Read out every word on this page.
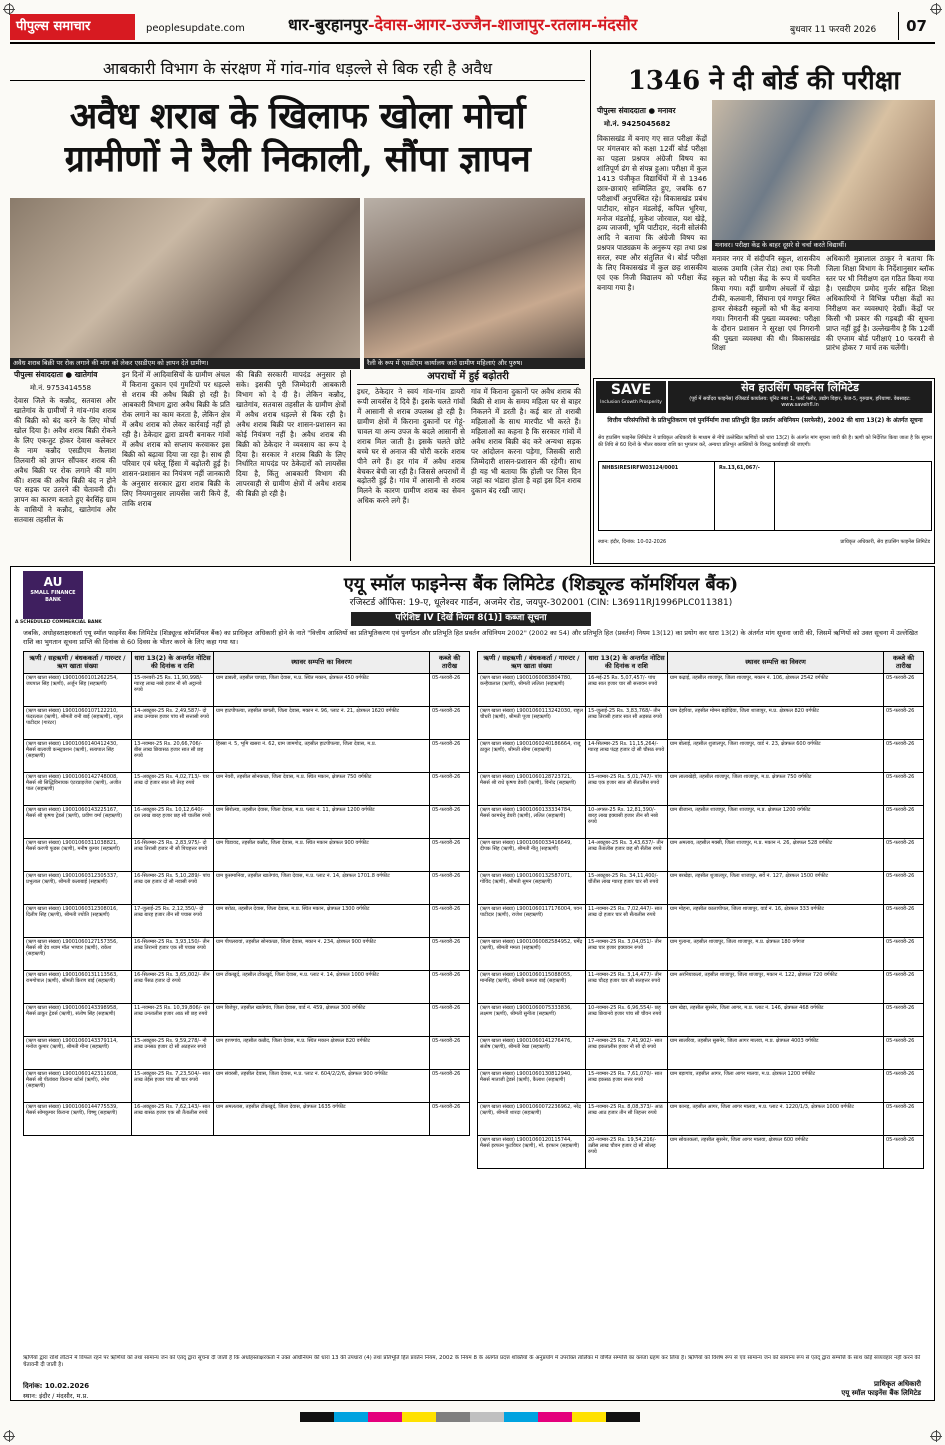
पीपुल्स समाचार	peoplesupdate.com	धार-बुरहानपुर-देवास-आगर-उज्जैन-शाजापुर-रतलाम-मंदसौर	बुधवार 11 फरवरी 2026	07
आबकारी विभाग के संरक्षण में गांव-गांव धड़ल्ले से बिक रही है अवैध
अवैध शराब के खिलाफ खोला मोर्चा
ग्रामीणों ने रैली निकाली, सौंपा ज्ञापन
अवैध शराब बिक्री पर रोक लगाने की मांग को लेकर एसडीएम को ज्ञापन देते ग्रामीण।	रैली के रूप में एसडीएम कार्यालय जाते ग्रामीण महिलाएं और पुरुष।
पीपुल्स संवाददाता ● खातेगांव
मो.नं. 9753414558
देवास जिले के कन्नौद, सतवास और खातेगांव के ग्रामीणों ने गांव-गांव शराब की बिक्री को बंद करने के लिए मोर्चा खोल दिया है। अवैध शराब बिक्री रोकने के लिए एकजुट होकर देवास कलेक्टर के नाम कन्नौद एसडीएम कैलाश तिलवारी को ज्ञापन सौंपकर शराब की अवैध बिक्री पर रोक लगाने की मांग की। शराब की अवैध बिक्री बंद न होने पर सड़क पर उतरने की चेतावनी दी। ज्ञापन का कारण बताते हुए बेरसिंह ग्राम के वासियों ने कन्नौद, खातेगांव और सतवास तहसील के
इन दिनों में आदिवासियों के ग्रामीण अंचल में किराना दुकान एवं गुमटियों पर धड़ल्ले से शराब की अवैध बिक्री हो रही है। आबकारी विभाग द्वारा अवैध बिक्री के प्रति रोक लगाने का काम करता है, लेकिन क्षेत्र में अवैध शराब को लेकर कार्रवाई नहीं हो रही है। ठेकेदार द्वारा डायरी बनाकर गांवों में अवैध शराब को सप्लाय करवाकर इस बिक्री को बढ़ावा दिया जा रहा है। साथ ही परिवार एवं घरेलू हिंसा में बढ़ोतरी हुई है। शासन-प्रशासन का नियंत्रण नहीं जानकारी के अनुसार सरकार द्वारा शराब बिक्री के लिए नियमानुसार लायसेंस जारी किये हैं, ताकि शराब
की बिक्री सरकारी मापदंड अनुसार हो सके। इसकी पूरी जिम्मेदारी आबकारी विभाग को दे दी है। लेकिन कन्नौद, खातेगांव, सतवास तहसील के ग्रामीण क्षेत्रों में अवैध शराब धड़ल्ले से बिक रही है। अवैध शराब बिक्री पर शासन-प्रशासन का कोई नियंत्रण नहीं है। अवैध शराब की बिक्री को ठेकेदार ने व्यवसाय का रूप दे दिया है। सरकार ने शराब बिक्री के लिए निर्धारित मापदंड पर ठेकेदारों को लायसेंस दिया है, किंतु आबकारी विभाग की लापरवाही से ग्रामीण क्षेत्रों में अवैध शराब की बिक्री हो रही है।
अपराधों में हुई बढ़ोतरी
इधर, ठेकेदार ने स्वयं गांव-गांव डायरी रूपी लायसेंस दे दिये हैं। इसके चलते गांवों में आसानी से शराब उपलब्ध हो रही है। ग्रामीण क्षेत्रों में किराना दुकानों पर गेहूं-चावल या अन्य उपज के बदले आसानी से शराब मिल जाती है। इसके चलते छोटे बच्चे घर से अनाज की चोरी करके शराब पीने लगे हैं। हर गांव में अवैध शराब बेचकर बेची जा रही है। जिससे अपराधों में बढ़ोतरी हुई है। गांव में आसानी से शराब मिलने के कारण ग्रामीण शराब का सेवन अधिक करने लगे हैं।
गांव में किराना दुकानों पर अवैध शराब की बिक्री से शाम के समय महिला घर से बाहर निकलने में डरती है। कई बार तो शराबी महिलाओं के साथ मारपीट भी करते हैं। महिलाओं का कहना है कि सरकार गांवों में अवैध शराब बिक्री बंद करे अन्यथा सड़क पर आंदोलन करना पड़ेगा, जिसकी सारी जिम्मेदारी शासन-प्रशासन की रहेगी। साथ ही यह भी बताया कि होली पर जिस दिन जहां का भंडारा होता है वहां इस दिन शराब दुकान बंद रखी जाए।
1346 ने दी बोर्ड की परीक्षा
पीपुल्स संवाददाता ● मनावर
मो.नं. 9425045682
विकासखंड में बनाए गए सात परीक्षा केंद्रों पर मंगलवार को कक्षा 12वीं बोर्ड परीक्षा का पहला प्रश्नपत्र अंग्रेजी विषय का शांतिपूर्ण ढंग से संपन्न हुआ। परीक्षा में कुल 1413 पंजीकृत विद्यार्थियों में से 1346 छात्र-छात्राएं सम्मिलित हुए, जबकि 67 परीक्षार्थी अनुपस्थित रहे। विकासखंड प्रबंध पाटीदार, सोहन मंडलोई, कपिल भूरिया, मनोज मंडलोई, मुकेश जोरवाल, यश खेड़े, द्रव्य जाजमी, भूमि पाटीदार, नंदनी सोलंकी आदि ने बताया कि अंग्रेजी विषय का प्रश्नपत्र पाठ्यक्रम के अनुरूप रहा तथा प्रश्न सरल, स्पष्ट और संतुलित थे। बोर्ड परीक्षा के लिए विकासखंड में कुल छह शासकीय एवं एक निजी विद्यालय को परीक्षा केंद्र बनाया गया है।
मनावर। परीक्षा केंद्र के बाहर दूसरे से चर्चा करते विद्यार्थी।
मनावर नगर में संदीपनि स्कूल, शासकीय बालक उमावि (जेल रोड) तथा एक निजी स्कूल को परीक्षा केंद्र के रूप में चयनित किया गया। वहीं ग्रामीण अंचलों में खेड़ा टीकी, कलवानी, सिंघाना एवं गणपुर स्थित हायर सेकंडरी स्कूलों को भी केंद्र बनाया गया। निगरानी की पुख्ता व्यवस्था: परीक्षा के दौरान प्रशासन ने सुरक्षा एवं निगरानी की पुख्ता व्यवस्था की थी। विकासखंड शिक्षा
अधिकारी मुन्नालाल ठाकुर ने बताया कि जिला शिक्षा विभाग के निर्देशानुसार ब्लॉक स्तर पर भी निरीक्षण दल गठित किया गया है। एसडीएम प्रमोद गुर्जर सहित शिक्षा अधिकारियों ने विभिन्न परीक्षा केंद्रों का निरीक्षण कर व्यवस्थाएं देखीं। केंद्रों पर किसी भी प्रकार की गड़बड़ी की सूचना प्राप्त नहीं हुई है। उल्लेखनीय है कि 12वीं की एग्जाम बोर्ड परीक्षाएं 10 फरवरी से प्रारंभ होकर 7 मार्च तक चलेंगी।
SAVE
Inclusion Growth Prosperity
सेव हाउसिंग फाइनेंस लिमिटेड
(पूर्व में सर्वोदय फाइनेंस) रजिस्टर्ड कार्यालय: यूनिट नंबर 1, फर्स्ट फ्लोर, उद्योग विहार, फेज-5, गुरुग्राम, हरियाणा. वेबसाइट: www.savehfl.in
वित्तीय परिसंपत्तियों के प्रतिभूतिकरण एवं पुनर्निर्माण तथा प्रतिभूति हित प्रवर्तन अधिनियम (सरफेसी), 2002 की धारा 13(2) के अंतर्गत सूचना
सेव हाउसिंग फाइनेंस लिमिटेड ने प्राधिकृत अधिकारी के माध्यम से नीचे उल्लेखित ऋणियों को धारा 13(2) के अंतर्गत मांग सूचना जारी की है। ऋणी को निर्देशित किया जाता है कि सूचना की तिथि से 60 दिनों के भीतर बकाया राशि का भुगतान करें, अन्यथा प्रतिभूत आस्तियों के विरुद्ध कार्यवाही की जाएगी।
NHBSIRESIRFW03124/0001	Rs.13,61,067/-
स्थान: इंदौर, दिनांक: 10-02-2026	प्राधिकृत अधिकारी, सेव हाउसिंग फाइनेंस लिमिटेड
AU
SMALL FINANCE BANK
A SCHEDULED COMMERCIAL BANK
एयू स्मॉल फाइनेन्स बैंक लिमिटेड (शिड्यूल्ड कॉमर्शियल बैंक)
रजिस्टर्ड ऑफिस: 19-ए, धूलेश्वर गार्डन, अजमेर रोड, जयपुर-302001 (CIN: L36911RJ1996PLC011381)
परिशिष्ट IV [देखें नियम 8(1)] कब्जा सूचना
जबकि, अधोहस्ताक्षरकर्ता एयू स्मॉल फाइनेंस बैंक लिमिटेड (शिड्यूल्ड कॉमर्शियल बैंक) का प्राधिकृत अधिकारी होने के नाते "वित्तीय आस्तियों का प्रतिभूतिकरण एवं पुनर्गठन और प्रतिभूति हित प्रवर्तन अधिनियम 2002" (2002 का 54) और प्रतिभूति हित (प्रवर्तन) नियम 13(12) का प्रयोग कर धारा 13(2) के अंतर्गत मांग सूचना जारी की, जिसमें ऋणियों को उक्त सूचना में उल्लेखित राशि का भुगतान सूचना प्राप्ति की दिनांक से 60 दिवस के भीतर करने के लिए कहा गया था।
ऋणी / सहऋणी / बंधककर्ता / गारन्टर / ऋण खाता संख्या	धारा 13(2) के अन्तर्गत नोटिस की दिनांक व राशि	स्थावर सम्पत्ति का विवरण	कब्जे की तारीख
(ऋण खाता संख्या) L9001060101262254, जयपाल सिंह (ऋणी), अर्जुन सिंह (सहऋणी)	15-जनवरी-25 Rs. 11,90,998/- ग्यारह लाख नब्बे हजार नौ सौ अट्ठानवे रुपये	ग्राम ढाबली, तहसील चापड़ा, जिला देवास, म.प्र. स्थित मकान, क्षेत्रफल 450 वर्गफीट	05-फरवरी-26
(ऋण खाता संख्या) L9001060107122210, फंदरलाल (ऋणी), श्रीमती रानी बाई (सहऋणी), राहुल पाटीदार (गारंटर)	14-अक्टूबर-25 Rs. 2,49,587/- दो लाख उनचास हजार पांच सौ सत्तासी रुपये	ग्राम हाटपीपल्या, तहसील बागली, जिला देवास, मकान नं. 96, प्लाट नं. 21, क्षेत्रफल 1620 वर्गफीट	05-फरवरी-26
(ऋण खाता संख्या) L9001060140412430, मैसर्स बालाजी कन्स्ट्रक्शन (ऋणी), सत्यपाल सिंह (सहऋणी)	13-नवम्बर-25 Rs. 20,66,706/- बीस लाख छियासठ हजार सात सौ छह रुपये	हिस्सा नं. 5, भूमि खसरा नं. 62, ग्राम जामगोद, तहसील हाटपीपल्या, जिला देवास, म.प्र.	05-फरवरी-26
(ऋण खाता संख्या) L9001060142748008, मैसर्स श्री सिद्धिविनायक एंटरप्राइजेज (ऋणी), अजीत पाल (सहऋणी)	15-अक्टूबर-25 Rs. 4,02,713/- चार लाख दो हजार सात सौ तेरह रुपये	ग्राम नेवरी, तहसील सोनकच्छ, जिला देवास, म.प्र. स्थित मकान, क्षेत्रफल 750 वर्गफीट	05-फरवरी-26
(ऋण खाता संख्या) L9001060143225167, मैसर्स श्री कृष्णा ट्रेडर्स (ऋणी), प्रवीण वर्मा (सहऋणी)	16-अक्टूबर-25 Rs. 10,12,640/- दस लाख बारह हजार छह सौ चालीस रुपये	ग्राम सिरोल्या, तहसील देवास, जिला देवास, म.प्र. प्लाट नं. 11, क्षेत्रफल 1200 वर्गफीट	05-फरवरी-26
(ऋण खाता संख्या) L9001060311038821, मैसर्स करणी फूडस (ऋणी), मनीष कुमार (सहऋणी)	16-सितम्बर-25 Rs. 2,83,975/- दो लाख तिरासी हजार नौ सौ पिचहत्तर रुपये	ग्राम चिडावद, तहसील कन्नौद, जिला देवास, म.प्र. स्थित मकान क्षेत्रफल 900 वर्गफीट	05-फरवरी-26
(ऋण खाता संख्या) L9001060312305337, प्रभुलाल (ऋणी), श्रीमती कलाबाई (सहऋणी)	16-सितम्बर-25 Rs. 5,10,289/- पांच लाख दस हजार दो सौ नवासी रुपये	ग्राम कुसमानिया, तहसील खातेगांव, जिला देवास, म.प्र. प्लाट नं. 14, क्षेत्रफल 1701.8 वर्गफीट	05-फरवरी-26
(ऋण खाता संख्या) L9001060312308016, दिलीप सिंह (ऋणी), श्रीमती ज्योति (सहऋणी)	17-जुलाई-25 Rs. 2,12,350/- दो लाख बारह हजार तीन सौ पचास रुपये	ग्राम बरोठा, तहसील देवास, जिला देवास, म.प्र. स्थित मकान, क्षेत्रफल 1300 वर्गफीट	05-फरवरी-26
(ऋण खाता संख्या) L9001060127157356, मैसर्स श्री देव श्याम मॉल भण्डार (ऋणी), राकेश (सहऋणी)	16-सितम्बर-25 Rs. 3,93,150/- तीन लाख तिरानवे हजार एक सौ पचास रुपये	ग्राम पीपलरावां, तहसील सोनकच्छ, जिला देवास, मकान नं. 234, क्षेत्रफल 900 वर्गफीट	05-फरवरी-26
(ऋण खाता संख्या) L9001060131113563, रामगोपाल (ऋणी), श्रीमती किरण बाई (सहऋणी)	16-सितम्बर-25 Rs. 3,65,002/- तीन लाख पैंसठ हजार दो रुपये	ग्राम टोंकखुर्द, तहसील टोंकखुर्द, जिला देवास, म.प्र. प्लाट नं. 14, क्षेत्रफल 1000 वर्गफीट	05-फरवरी-26
(ऋण खाता संख्या) L9001060143398958, मैसर्स ठाकुर ट्रेडर्स (ऋणी), संतोष सिंह (सहऋणी)	11-नवम्बर-25 Rs. 10,39,806/- दस लाख उनतालीस हजार आठ सौ छह रुपये	ग्राम बिजेपुर, तहसील खातेगांव, जिला देवास, वार्ड नं. 459, क्षेत्रफल 300 वर्गफीट	05-फरवरी-26
(ऋण खाता संख्या) L9001060143379114, मनोज कुमार (ऋणी), श्रीमती मीना (सहऋणी)	15-अक्टूबर-25 Rs. 9,59,278/- नौ लाख उनसठ हजार दो सौ अठहत्तर रुपये	ग्राम हरणगांव, तहसील कन्नौद, जिला देवास, म.प्र. स्थित मकान क्षेत्रफल 820 वर्गफीट	05-फरवरी-26
(ऋण खाता संख्या) L9001060142311608, मैसर्स श्री पीतांबरा किराना स्टोर्स (ऋणी), रमेश (सहऋणी)	15-अक्टूबर-25 Rs. 7,23,504/- सात लाख तेईस हजार पांच सौ चार रुपये	ग्राम संवरसी, तहसील देवास, जिला देवास, म.प्र. प्लाट नं. 604/2/2/6, क्षेत्रफल 900 वर्गफीट	05-फरवरी-26
(ऋण खाता संख्या) L9001060144775539, मैसर्स सोमकुमार किराना (ऋणी), विष्णु (सहऋणी)	16-अक्टूबर-25 Rs. 7,62,143/- सात लाख बासठ हजार एक सौ तैंतालीस रुपये	ग्राम अमलतास, तहसील टोंकखुर्द, जिला देवास, क्षेत्रफल 1635 वर्गफीट	05-फरवरी-26
ऋणी / सहऋणी / बंधककर्ता / गारन्टर / ऋण खाता संख्या	धारा 13(2) के अन्तर्गत नोटिस की दिनांक व राशि	स्थावर सम्पत्ति का विवरण	कब्जे की तारीख
(ऋण खाता संख्या) L9001060083804780, कन्हैयालाल (ऋणी), श्रीमती ललिता (सहऋणी)	16-मई-25 Rs. 5,07,457/- पांच लाख सात हजार चार सौ सत्तावन रुपये	ग्राम कढ़ाई, तहसील शाजापुर, जिला शाजापुर, मकान नं. 106, क्षेत्रफल 2542 वर्गफीट	05-फरवरी-26
(ऋण खाता संख्या) L9001060113242030, राहुल चौधरी (ऋणी), श्रीमती पूजा (सहऋणी)	15-जुलाई-25 Rs. 3,83,768/- तीन लाख तिरासी हजार सात सौ अड़सठ रुपये	ग्राम देहरिया, तहसील मोमन बड़ोदिया, जिला शाजापुर, म.प्र. क्षेत्रफल 820 वर्गफीट	05-फरवरी-26
(ऋण खाता संख्या) L9001060240186664, राजू ठाकुर (ऋणी), श्रीमती सीमा (सहऋणी)	14-सितम्बर-25 Rs. 11,15,264/- ग्यारह लाख पंद्रह हजार दो सौ चौसठ रुपये	ग्राम बोलाई, तहसील शुजालपुर, जिला शाजापुर, वार्ड नं. 23, क्षेत्रफल 600 वर्गफीट	05-फरवरी-26
(ऋण खाता संख्या) L9001060128723721, मैसर्स श्री राधे कृष्णा डेयरी (ऋणी), विनोद (सहऋणी)	15-नवम्बर-25 Rs. 5,01,747/- पांच लाख एक हजार सात सौ सैंतालीस रुपये	ग्राम लालाखेड़ी, तहसील शाजापुर, जिला शाजापुर, म.प्र. क्षेत्रफल 750 वर्गफीट	05-फरवरी-26
(ऋण खाता संख्या) L9001060133334784, मैसर्स कामधेनु डेयरी (ऋणी), ललित (सहऋणी)	10-अगस्त-25 Rs. 12,81,390/- बारह लाख इक्यासी हजार तीन सौ नब्बे रुपये	ग्राम बीजाना, तहसील शाजापुर, जिला शाजापुर, म.प्र. क्षेत्रफल 1200 वर्गफीट	05-फरवरी-26
(ऋण खाता संख्या) L9001060033416649, दीपक सिंह (ऋणी), श्रीमती नीतू (सहऋणी)	14-अक्टूबर-25 Rs. 3,43,637/- तीन लाख तैंतालीस हजार छह सौ सैंतीस रुपये	ग्राम अमलाय, तहसील मक्सी, जिला शाजापुर, म.प्र. मकान नं. 26, क्षेत्रफल 528 वर्गफीट	05-फरवरी-26
(ऋण खाता संख्या) L9001060132587071, गोविंद (ऋणी), श्रीमती सुमन (सहऋणी)	15-अक्टूबर-25 Rs. 34,11,400/- चौंतीस लाख ग्यारह हजार चार सौ रुपये	ग्राम बरखेड़ा, तहसील शुजालपुर, जिला शाजापुर, सर्वे नं. 127, क्षेत्रफल 1500 वर्गफीट	05-फरवरी-26
(ऋण खाता संख्या) L9001060117176004, पवन पाटीदार (ऋणी), राजेश (सहऋणी)	11-नवम्बर-25 Rs. 7,02,447/- सात लाख दो हजार चार सौ सैंतालीस रुपये	ग्राम मोहना, तहसील कालापीपल, जिला शाजापुर, वार्ड नं. 16, क्षेत्रफल 333 वर्गफीट	05-फरवरी-26
(ऋण खाता संख्या) L9001060082584952, धर्मेंद्र (ऋणी), श्रीमती ममता (सहऋणी)	15-नवम्बर-25 Rs. 3,04,051/- तीन लाख चार हजार इक्यावन रुपये	ग्राम गुलाना, तहसील शाजापुर, जिला शाजापुर, म.प्र. क्षेत्रफल 180 वर्गगज	05-फरवरी-26
(ऋण खाता संख्या) L9001060115088055, मानसिंह (ऋणी), श्रीमती कमला बाई (सहऋणी)	11-नवम्बर-25 Rs. 3,14,477/- तीन लाख चौदह हजार चार सौ सतहत्तर रुपये	ग्राम अरनियाकलां, तहसील शाजापुर, जिला शाजापुर, मकान नं. 122, क्षेत्रफल 720 वर्गफीट	05-फरवरी-26
(ऋण खाता संख्या) L9001060075333836, लक्ष्मण (ऋणी), श्रीमती सुनीता (सहऋणी)	10-नवम्बर-25 Rs. 6,96,554/- छह लाख छियानवे हजार पांच सौ चौवन रुपये	ग्राम खेड़ा, तहसील सुसनेर, जिला आगर, म.प्र. प्लाट नं. 146, क्षेत्रफल 468 वर्गफीट	05-फरवरी-26
(ऋण खाता संख्या) L9001060141276476, संतोष (ऋणी), श्रीमती रेखा (सहऋणी)	17-नवम्बर-25 Rs. 7,41,902/- सात लाख इकतालीस हजार नौ सौ दो रुपये	ग्राम सालरिया, तहसील सुसनेर, जिला आगर मालवा, म.प्र. क्षेत्रफल 4003 वर्गफीट	05-फरवरी-26
(ऋण खाता संख्या) L9001060130812940, मैसर्स माताजी ट्रेडर्स (ऋणी), कैलाश (सहऋणी)	15-नवम्बर-25 Rs. 7,61,070/- सात लाख इकसठ हजार सत्तर रुपये	ग्राम बड़ागांव, तहसील आगर, जिला आगर मालवा, म.प्र. क्षेत्रफल 1200 वर्गफीट	05-फरवरी-26
(ऋण खाता संख्या) L9001060072236962, नरेंद्र (ऋणी), श्रीमती शारदा (सहऋणी)	15-नवम्बर-25 Rs. 8,08,373/- आठ लाख आठ हजार तीन सौ तिहत्तर रुपये	ग्राम कानड़, तहसील आगर, जिला आगर मालवा, म.प्र. प्लाट नं. 1220/1/3, क्षेत्रफल 1000 वर्गफीट	05-फरवरी-26
(ऋण खाता संख्या) L9001060120115744, मैसर्स इरफान फुटवियर (ऋणी), मो. इरफान (सहऋणी)	20-नवम्बर-25 Rs. 19,54,216/- उन्नीस लाख चौवन हजार दो सौ सोलह रुपये	ग्राम सोयतकलां, तहसील सुसनेर, जिला आगर मालवा, क्षेत्रफल 600 वर्गफीट	05-फरवरी-26
ऋणियों द्वारा राशि लौटाने में विफल रहने पर ऋणियों को तथा सामान्य जन को एतद् द्वारा सूचना दी जाती है कि अधोहस्ताक्षरकर्ता ने उक्त अधिनियम की धारा 13 की उपधारा (4) तथा प्रतिभूति हित प्रवर्तन नियम, 2002 के नियम 8 के अंतर्गत प्रदत्त शक्तियों के अनुप्रयोग में उपरोक्त तालिका में वर्णित सम्पत्ति का कब्जा ग्रहण कर लिया है। ऋणियों को विशेष रूप से एवं सामान्य जन को सामान्य रूप से एतद् द्वारा सम्पत्ति के साथ कोई संव्यवहार नहीं करने की चेतावनी दी जाती है।
दिनांक: 10.02.2026
स्थान: इंदौर / मंदसौर, म.प्र.
प्राधिकृत अधिकारी
एयू स्मॉल फाइनेंस बैंक लिमिटेड
